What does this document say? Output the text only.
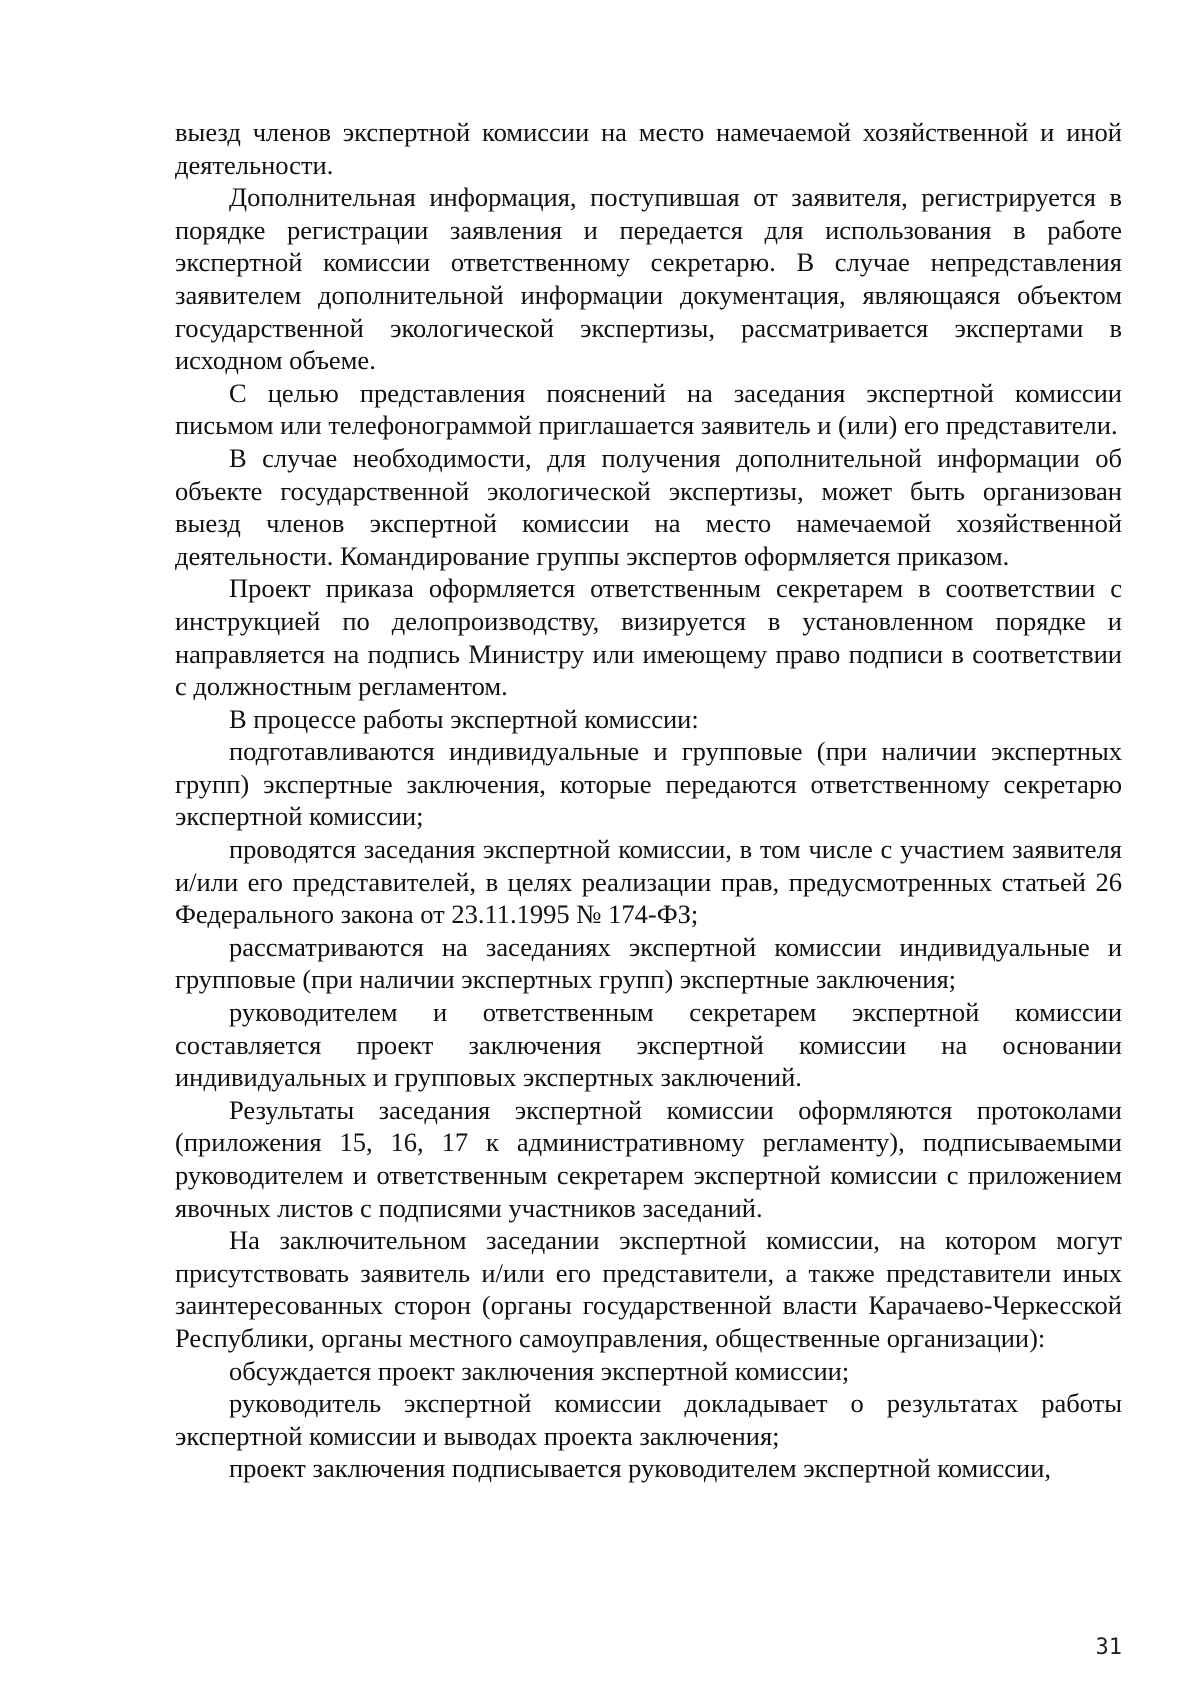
выезд членов экспертной комиссии на место намечаемой хозяйственной и иной деятельности.

Дополнительная информация, поступившая от заявителя, регистрируется в порядке регистрации заявления и передается для использования в работе экспертной комиссии ответственному секретарю. В случае непредставления заявителем дополнительной информации документация, являющаяся объектом государственной экологической экспертизы, рассматривается экспертами в исходном объеме.

С целью представления пояснений на заседания экспертной комиссии письмом или телефонограммой приглашается заявитель и (или) его представители.

В случае необходимости, для получения дополнительной информации об объекте государственной экологической экспертизы, может быть организован выезд членов экспертной комиссии на место намечаемой хозяйственной деятельности. Командирование группы экспертов оформляется приказом.

Проект приказа оформляется ответственным секретарем в соответствии с инструкцией по делопроизводству, визируется в установленном порядке и направляется на подпись Министру или имеющему право подписи в соответствии с должностным регламентом.

В процессе работы экспертной комиссии:

подготавливаются индивидуальные и групповые (при наличии экспертных групп) экспертные заключения, которые передаются ответственному секретарю экспертной комиссии;

проводятся заседания экспертной комиссии, в том числе с участием заявителя и/или его представителей, в целях реализации прав, предусмотренных статьей 26 Федерального закона от 23.11.1995 № 174-ФЗ;

рассматриваются на заседаниях экспертной комиссии индивидуальные и групповые (при наличии экспертных групп) экспертные заключения;

руководителем и ответственным секретарем экспертной комиссии составляется проект заключения экспертной комиссии на основании индивидуальных и групповых экспертных заключений.

Результаты заседания экспертной комиссии оформляются протоколами (приложения 15, 16, 17 к административному регламенту), подписываемыми руководителем и ответственным секретарем экспертной комиссии с приложением явочных листов с подписями участников заседаний.

На заключительном заседании экспертной комиссии, на котором могут присутствовать заявитель и/или его представители, а также представители иных заинтересованных сторон (органы государственной власти Карачаево-Черкесской Республики, органы местного самоуправления, общественные организации):

обсуждается проект заключения экспертной комиссии;

руководитель экспертной комиссии докладывает о результатах работы экспертной комиссии и выводах проекта заключения;

проект заключения подписывается руководителем экспертной комиссии,

31
